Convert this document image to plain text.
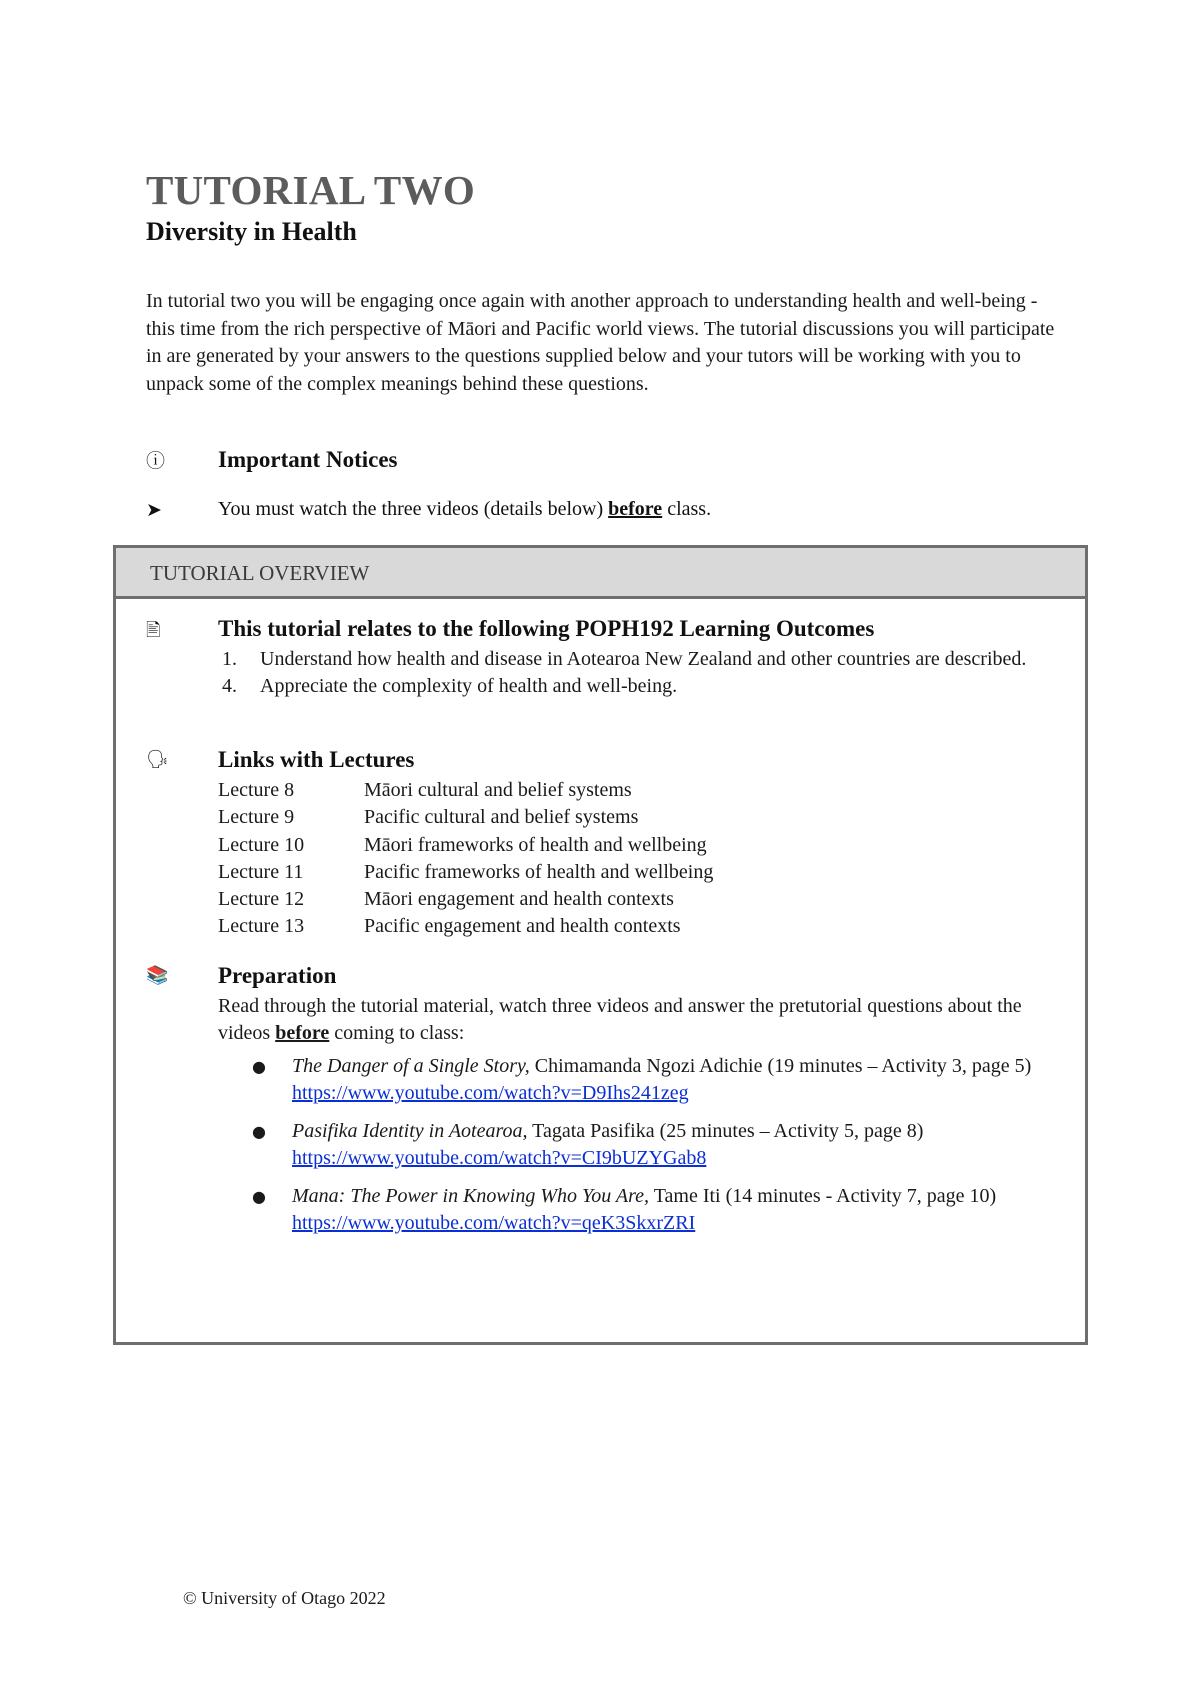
TUTORIAL TWO
Diversity in Health

In tutorial two you will be engaging once again with another approach to understanding health and well-being - this time from the rich perspective of Māori and Pacific world views. The tutorial discussions you will participate in are generated by your answers to the questions supplied below and your tutors will be working with you to unpack some of the complex meanings behind these questions.

ⓘ	Important Notices
➤	You must watch the three videos (details below) before class.
TUTORIAL OVERVIEW
🖹	This tutorial relates to the following POPH192 Learning Outcomes
1. Understand how health and disease in Aotearoa New Zealand and other countries are described.
4. Appreciate the complexity of health and well-being.
🗣 Links with Lectures
Lecture 8	Māori cultural and belief systems
Lecture 9	Pacific cultural and belief systems
Lecture 10	Māori frameworks of health and wellbeing
Lecture 11	Pacific frameworks of health and wellbeing
Lecture 12	Māori engagement and health contexts
Lecture 13	Pacific engagement and health contexts
📚 Preparation
Read through the tutorial material, watch three videos and answer the pretutorial questions about the videos before coming to class:
● The Danger of a Single Story, Chimamanda Ngozi Adichie (19 minutes – Activity 3, page 5)
https://www.youtube.com/watch?v=D9Ihs241zeg
● Pasifika Identity in Aotearoa, Tagata Pasifika (25 minutes – Activity 5, page 8)
https://www.youtube.com/watch?v=CI9bUZYGab8
● Mana: The Power in Knowing Who You Are, Tame Iti (14 minutes - Activity 7, page 10)
https://www.youtube.com/watch?v=qeK3SkxrZRI
© University of Otago 2022
